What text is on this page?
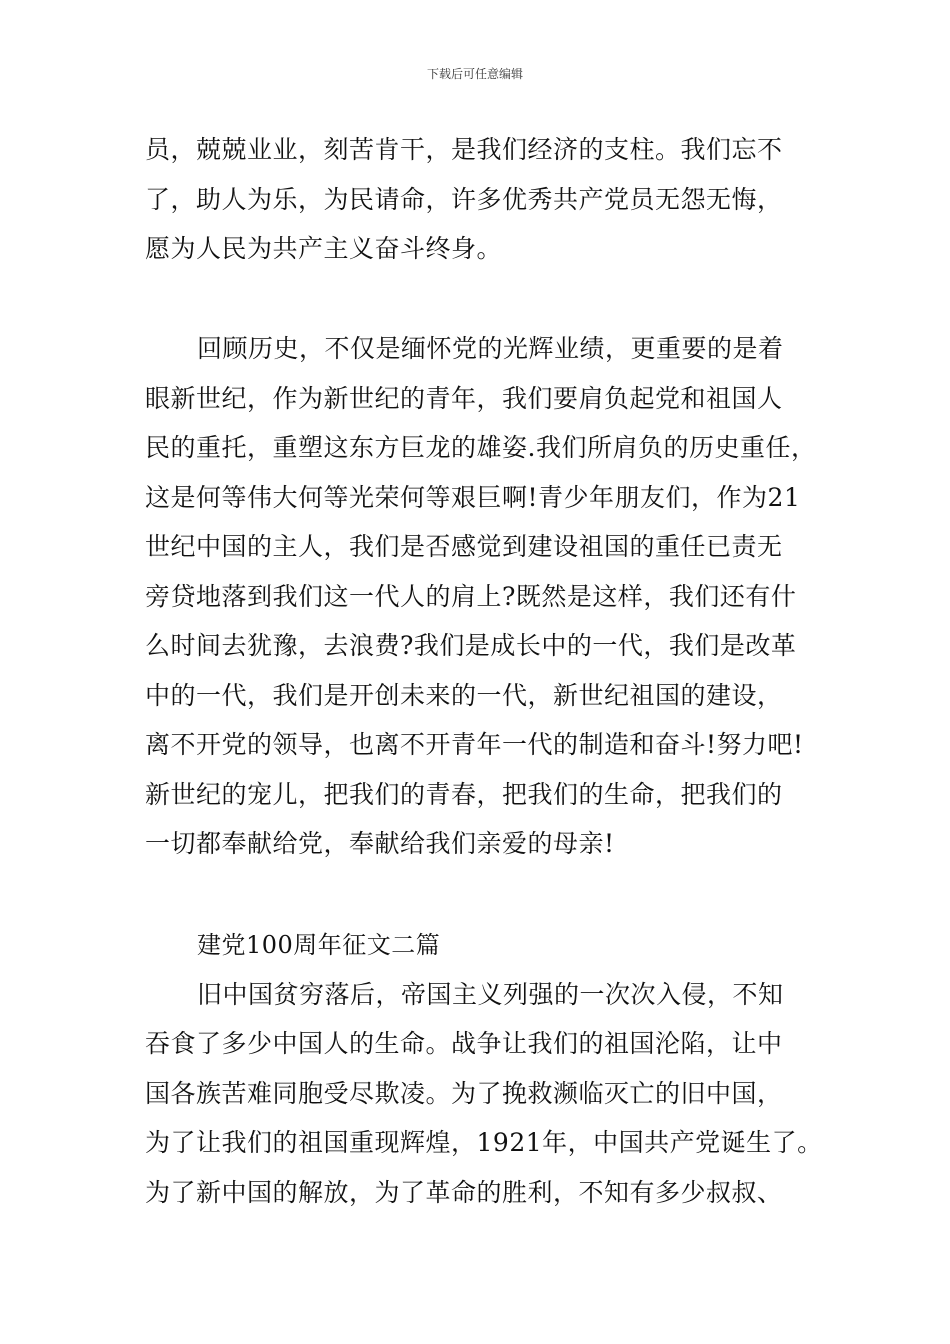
下载后可任意编辑
员，兢兢业业，刻苦肯干，是我们经济的支柱。我们忘不
了，助人为乐，为民请命，许多优秀共产党员无怨无悔，
愿为人民为共产主义奋斗终身。
回顾历史，不仅是缅怀党的光辉业绩，更重要的是着
眼新世纪，作为新世纪的青年，我们要肩负起党和祖国人
民的重托，重塑这东方巨龙的雄姿.我们所肩负的历史重任，
这是何等伟大何等光荣何等艰巨啊!青少年朋友们，作为21
世纪中国的主人，我们是否感觉到建设祖国的重任已责无
旁贷地落到我们这一代人的肩上?既然是这样，我们还有什
么时间去犹豫，去浪费?我们是成长中的一代，我们是改革
中的一代，我们是开创未来的一代，新世纪祖国的建设，
离不开党的领导，也离不开青年一代的制造和奋斗!努力吧!
新世纪的宠儿，把我们的青春，把我们的生命，把我们的
一切都奉献给党，奉献给我们亲爱的母亲!
建党100周年征文二篇
旧中国贫穷落后，帝国主义列强的一次次入侵，不知
吞食了多少中国人的生命。战争让我们的祖国沦陷，让中
国各族苦难同胞受尽欺凌。为了挽救濒临灭亡的旧中国，
为了让我们的祖国重现辉煌，1921年，中国共产党诞生了。
为了新中国的解放，为了革命的胜利，不知有多少叔叔、
